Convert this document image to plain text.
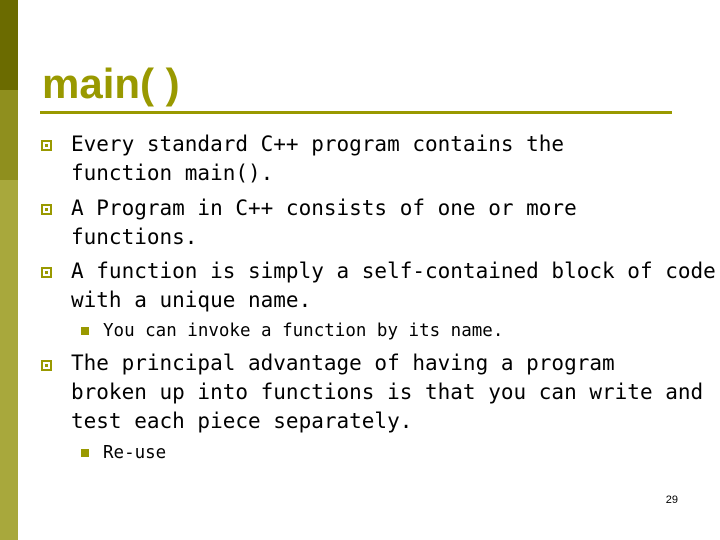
main( )
Every standard C++ program contains the
function main().
A Program in C++ consists of one or more
functions.
A function is simply a self-contained block of code
with a unique name.
You can invoke a function by its name.
The principal advantage of having a program
broken up into functions is that you can write and
test each piece separately.
Re-use
29
